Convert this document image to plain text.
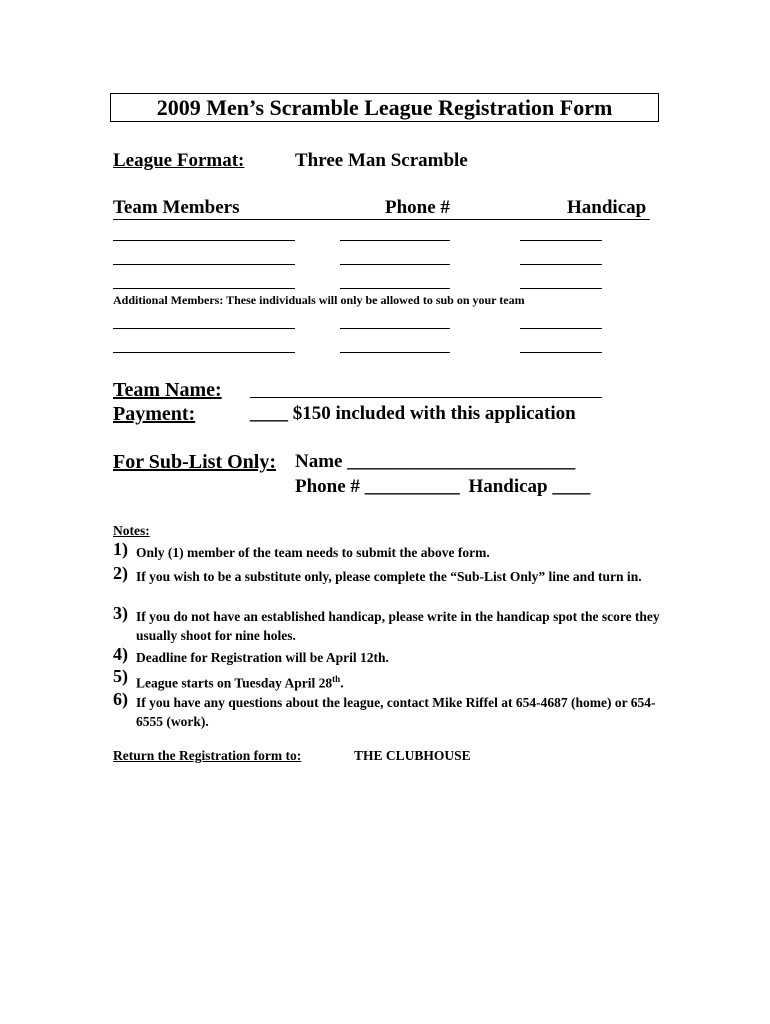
2009 Men’s Scramble League Registration Form
League Format:	Three Man Scramble
Team Members	Phone #	Handicap
Additional Members: These individuals will only be allowed to sub on your team
Team Name:
Payment:	____ $150 included with this application
For Sub-List Only: Name ________________________
Phone # __________ Handicap ____
Notes:
1) Only (1) member of the team needs to submit the above form.
2) If you wish to be a substitute only, please complete the “Sub-List Only” line and turn in.
3) If you do not have an established handicap, please write in the handicap spot the score they usually shoot for nine holes.
4) Deadline for Registration will be April 12th.
5) League starts on Tuesday April 28th.
6) If you have any questions about the league, contact Mike Riffel at 654-4687 (home) or 654-6555 (work).
Return the Registration form to:	THE CLUBHOUSE
